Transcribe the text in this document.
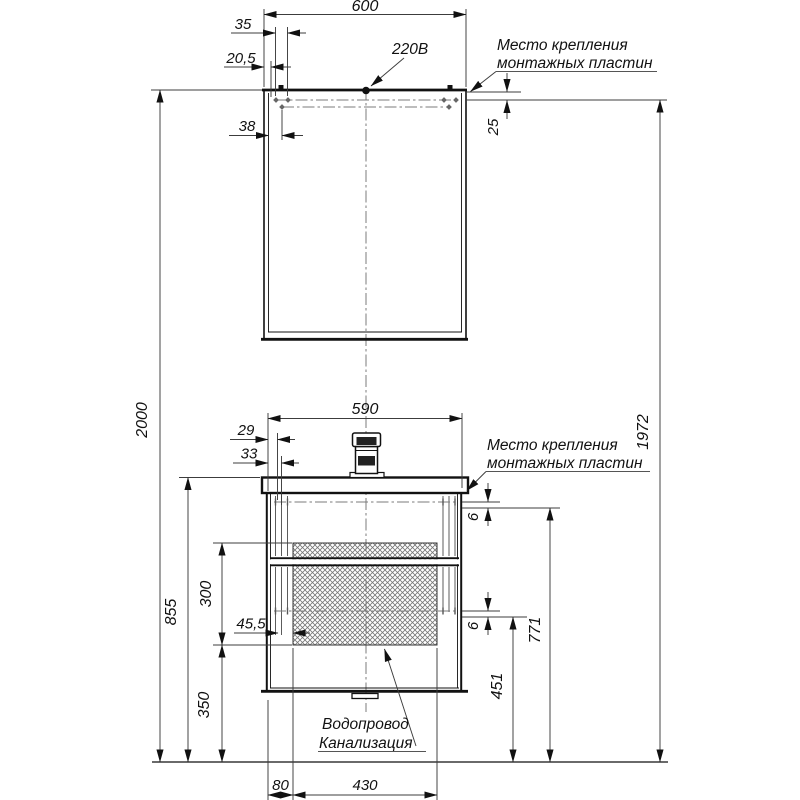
600
35
20,5
38	25
2000	1972
590
29
33
6
6	771
451
855
300
350
45,5
80	430
220В	Место крепления
монтажных пластин
Место крепления
монтажных пластин
Водопровод
Канализация
